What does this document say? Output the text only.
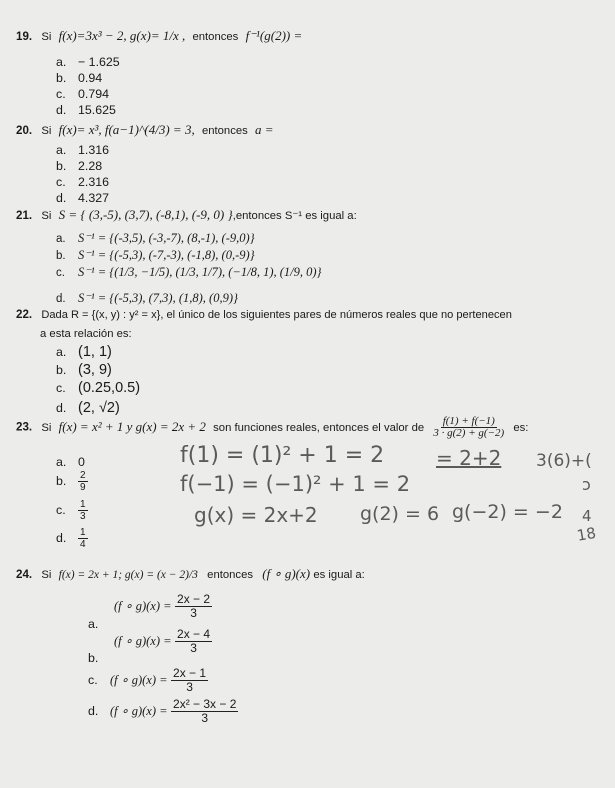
19. Si f(x)=3x³ − 2, g(x)= 1/x , entonces f⁻¹(g(2)) =
a. − 1.625
b. 0.94
c. 0.794
d. 15.625
20. Si f(x)= x³, f(a−1)^(4/3) = 3, entonces a =
a. 1.316
b. 2.28
c. 2.316
d. 4.327
21. Si S = { (3,-5), (3,7), (-8,1), (-9, 0) },entonces S⁻¹ es igual a:
a. S⁻¹ = {(-3,5), (-3,-7), (8,-1), (-9,0)}
b. S⁻¹ = {(-5,3), (-7,-3), (-1,8), (0,-9)}
c. S⁻¹ = {(1/3, −1/5), (1/3, 1/7), (−1/8, 1), (1/9, 0)}
d. S⁻¹ = {(-5,3), (7,3), (1,8), (0,9)}
22. Dada R = {(x, y) : y² = x}, el único de los siguientes pares de números reales que no pertenecen
a esta relación es:
a. (1, 1)
b. (3, 9)
c. (0.25,0.5)
d. (2, √2)
23. Si f(x) = x² + 1 y g(x) = 2x + 2 son funciones reales, entonces el valor de $\frac{f(1) + f(-1)}{3 \cdot g(2) + g(-2)}$ es:
a. 0
b. $\frac{2}{9}$
c. $\frac{1}{3}$
d. $\frac{1}{4}$
24. Si f(x) = 2x + 1; g(x) = (x − 2)/3 entonces (f ∘ g)(x) es igual a:
(f ∘ $g)(x) = \frac{2x - 2}{3}$
a.
(f ∘ $g)(x) = \frac{2x - 4}{3}$
b.
c. (f ∘ $g)(x) = \frac{2x - 1}{3}$
d. (f ∘ $g)(x) = \frac{\text{2x² − 3x − 2}}{3}$
f(1) = (1)² + 1 = 2	= 2+2 3(6)+(
f(−1) = (−1)² + 1 = 2
g(x) = 2x+2 g(2) = 6 g(−2) = −2
ↄ
4
18
